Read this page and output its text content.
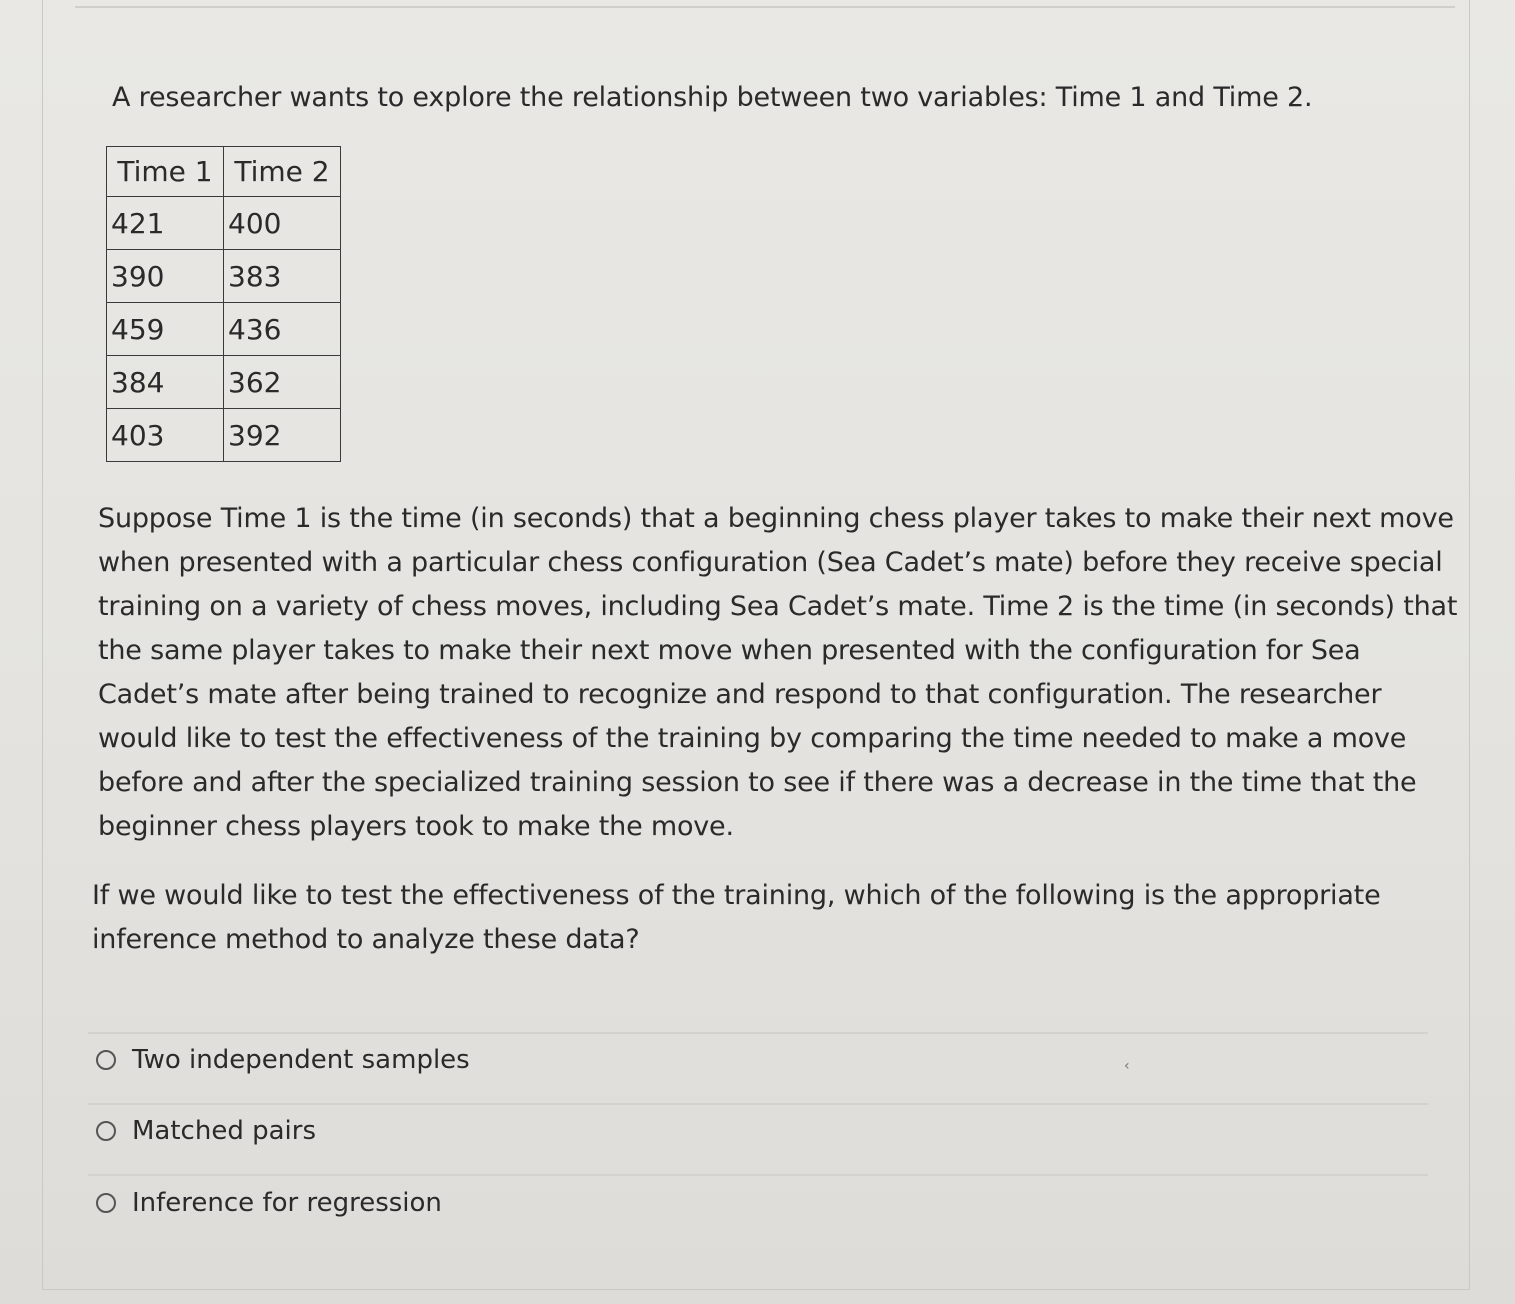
A researcher wants to explore the relationship between two variables: Time 1 and Time 2.
Time 1	Time 2
421	400
390	383
459	436
384	362
403	392
Suppose Time 1 is the time (in seconds) that a beginning chess player takes to make their next move
when presented with a particular chess configuration (Sea Cadet’s mate) before they receive special
training on a variety of chess moves, including Sea Cadet’s mate. Time 2 is the time (in seconds) that
the same player takes to make their next move when presented with the configuration for Sea
Cadet’s mate after being trained to recognize and respond to that configuration. The researcher
would like to test the effectiveness of the training by comparing the time needed to make a move
before and after the specialized training session to see if there was a decrease in the time that the
beginner chess players took to make the move.
If we would like to test the effectiveness of the training, which of the following is the appropriate
inference method to analyze these data?
Two independent samples	‹
Matched pairs
Inference for regression
